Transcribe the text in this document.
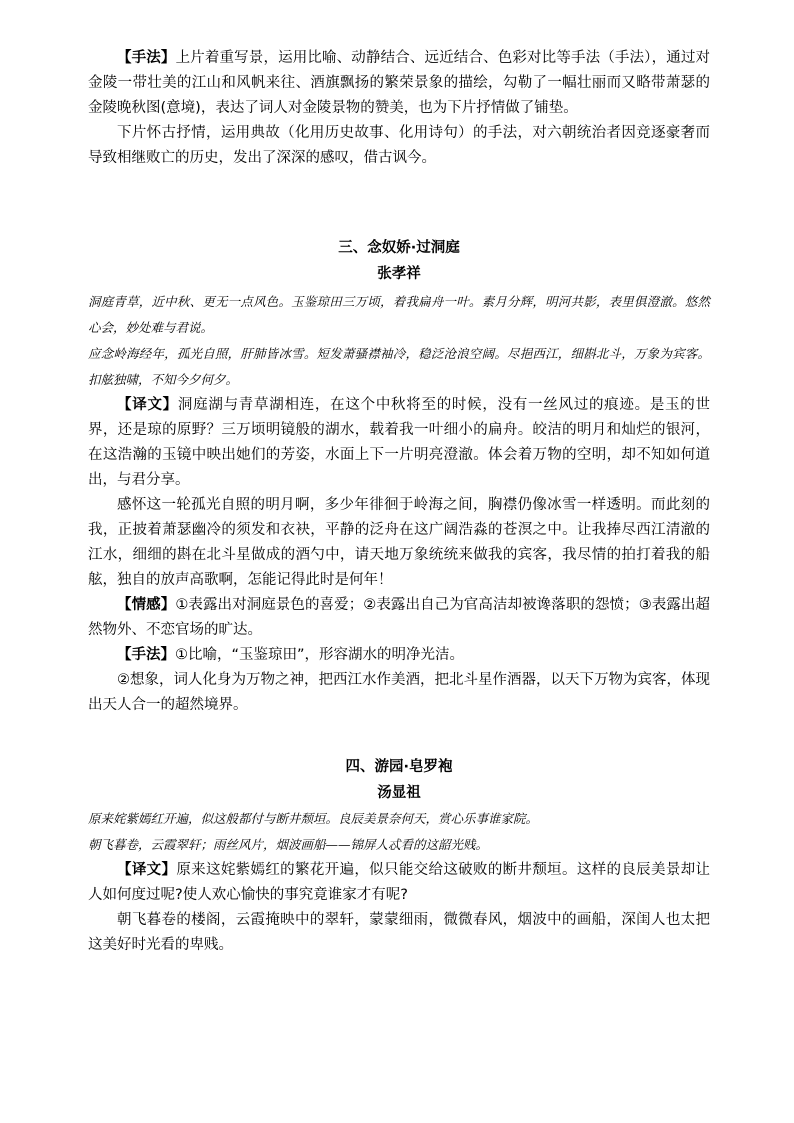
【手法】上片着重写景，运用比喻、动静结合、远近结合、色彩对比等手法（手法），通过对金陵一带壮美的江山和风帆来往、酒旗飘扬的繁荣景象的描绘，勾勒了一幅壮丽而又略带萧瑟的金陵晚秋图(意境)，表达了词人对金陵景物的赞美，也为下片抒情做了铺垫。

下片怀古抒情，运用典故（化用历史故事、化用诗句）的手法，对六朝统治者因竞逐豪奢而导致相继败亡的历史，发出了深深的感叹，借古讽今。

三、念奴娇·过洞庭

张孝祥

洞庭青草，近中秋、更无一点风色。玉鉴琼田三万顷，着我扁舟一叶。素月分辉，明河共影，表里俱澄澈。悠然心会，妙处难与君说。

应念岭海经年，孤光自照，肝肺皆冰雪。短发萧骚襟袖冷，稳泛沧浪空阔。尽挹西江，细斟北斗，万象为宾客。扣舷独啸，不知今夕何夕。

【译文】洞庭湖与青草湖相连，在这个中秋将至的时候，没有一丝风过的痕迹。是玉的世界，还是琼的原野？三万顷明镜般的湖水，载着我一叶细小的扁舟。皎洁的明月和灿烂的银河，在这浩瀚的玉镜中映出她们的芳姿，水面上下一片明亮澄澈。体会着万物的空明，却不知如何道出，与君分享。

感怀这一轮孤光自照的明月啊，多少年徘徊于岭海之间，胸襟仍像冰雪一样透明。而此刻的我，正披着萧瑟幽冷的须发和衣袂，平静的泛舟在这广阔浩淼的苍溟之中。让我捧尽西江清澈的江水，细细的斟在北斗星做成的酒勺中，请天地万象统统来做我的宾客，我尽情的拍打着我的船舷，独自的放声高歌啊，怎能记得此时是何年！

【情感】①表露出对洞庭景色的喜爱；②表露出自己为官高洁却被谗落职的怨愤；③表露出超然物外、不恋官场的旷达。

【手法】①比喻，“玉鉴琼田”，形容湖水的明净光洁。

②想象，词人化身为万物之神，把西江水作美酒，把北斗星作酒器，以天下万物为宾客，体现出天人合一的超然境界。

四、游园·皂罗袍

汤显祖

原来姹紫嫣红开遍，似这般都付与断井颓垣。良辰美景奈何天，赏心乐事谁家院。

朝飞暮卷，云霞翠轩；雨丝风片，烟波画船——锦屏人忒看的这韶光贱。

【译文】原来这姹紫嫣红的繁花开遍，似只能交给这破败的断井颓垣。这样的良辰美景却让人如何度过呢?使人欢心愉快的事究竟谁家才有呢?

朝飞暮卷的楼阁，云霞掩映中的翠轩，蒙蒙细雨，微微春风，烟波中的画船，深闺人也太把这美好时光看的卑贱。
